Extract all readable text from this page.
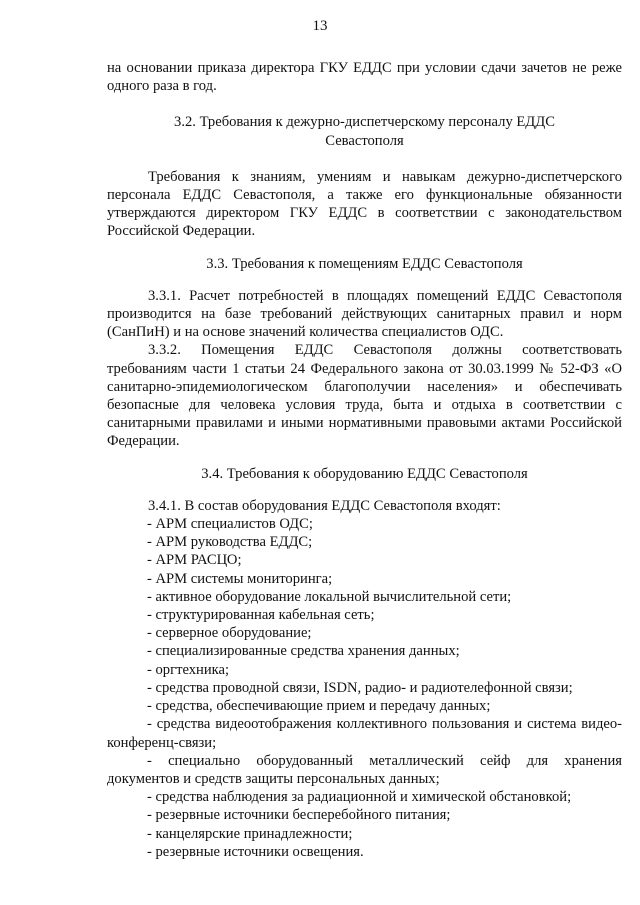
13

на основании приказа директора ГКУ ЕДДС при условии сдачи зачетов не реже одного раза в год.

3.2. Требования к дежурно-диспетчерскому персоналу ЕДДС Севастополя

Требования к знаниям, умениям и навыкам дежурно-диспетчерского персонала ЕДДС Севастополя, а также его функциональные обязанности утверждаются директором ГКУ ЕДДС в соответствии с законодательством Российской Федерации.

3.3. Требования к помещениям ЕДДС Севастополя

3.3.1. Расчет потребностей в площадях помещений ЕДДС Севастополя производится на базе требований действующих санитарных правил и норм (СанПиН) и на основе значений количества специалистов ОДС.

3.3.2. Помещения ЕДДС Севастополя должны соответствовать требованиям части 1 статьи 24 Федерального закона от 30.03.1999 № 52-ФЗ «О санитарно-эпидемиологическом благополучии населения» и обеспечивать безопасные для человека условия труда, быта и отдыха в соответствии с санитарными правилами и иными нормативными правовыми актами Российской Федерации.

3.4. Требования к оборудованию ЕДДС Севастополя

3.4.1. В состав оборудования ЕДДС Севастополя входят:

- АРМ специалистов ОДС;
- АРМ руководства ЕДДС;
- АРМ РАСЦО;
- АРМ системы мониторинга;
- активное оборудование локальной вычислительной сети;
- структурированная кабельная сеть;
- серверное оборудование;
- специализированные средства хранения данных;
- оргтехника;
- средства проводной связи, ISDN, радио- и радиотелефонной связи;
- средства, обеспечивающие прием и передачу данных;
- средства видеоотображения коллективного пользования и система видео-конференц-связи;
- специально оборудованный металлический сейф для хранения документов и средств защиты персональных данных;
- средства наблюдения за радиационной и химической обстановкой;
- резервные источники бесперебойного питания;
- канцелярские принадлежности;
- резервные источники освещения.
